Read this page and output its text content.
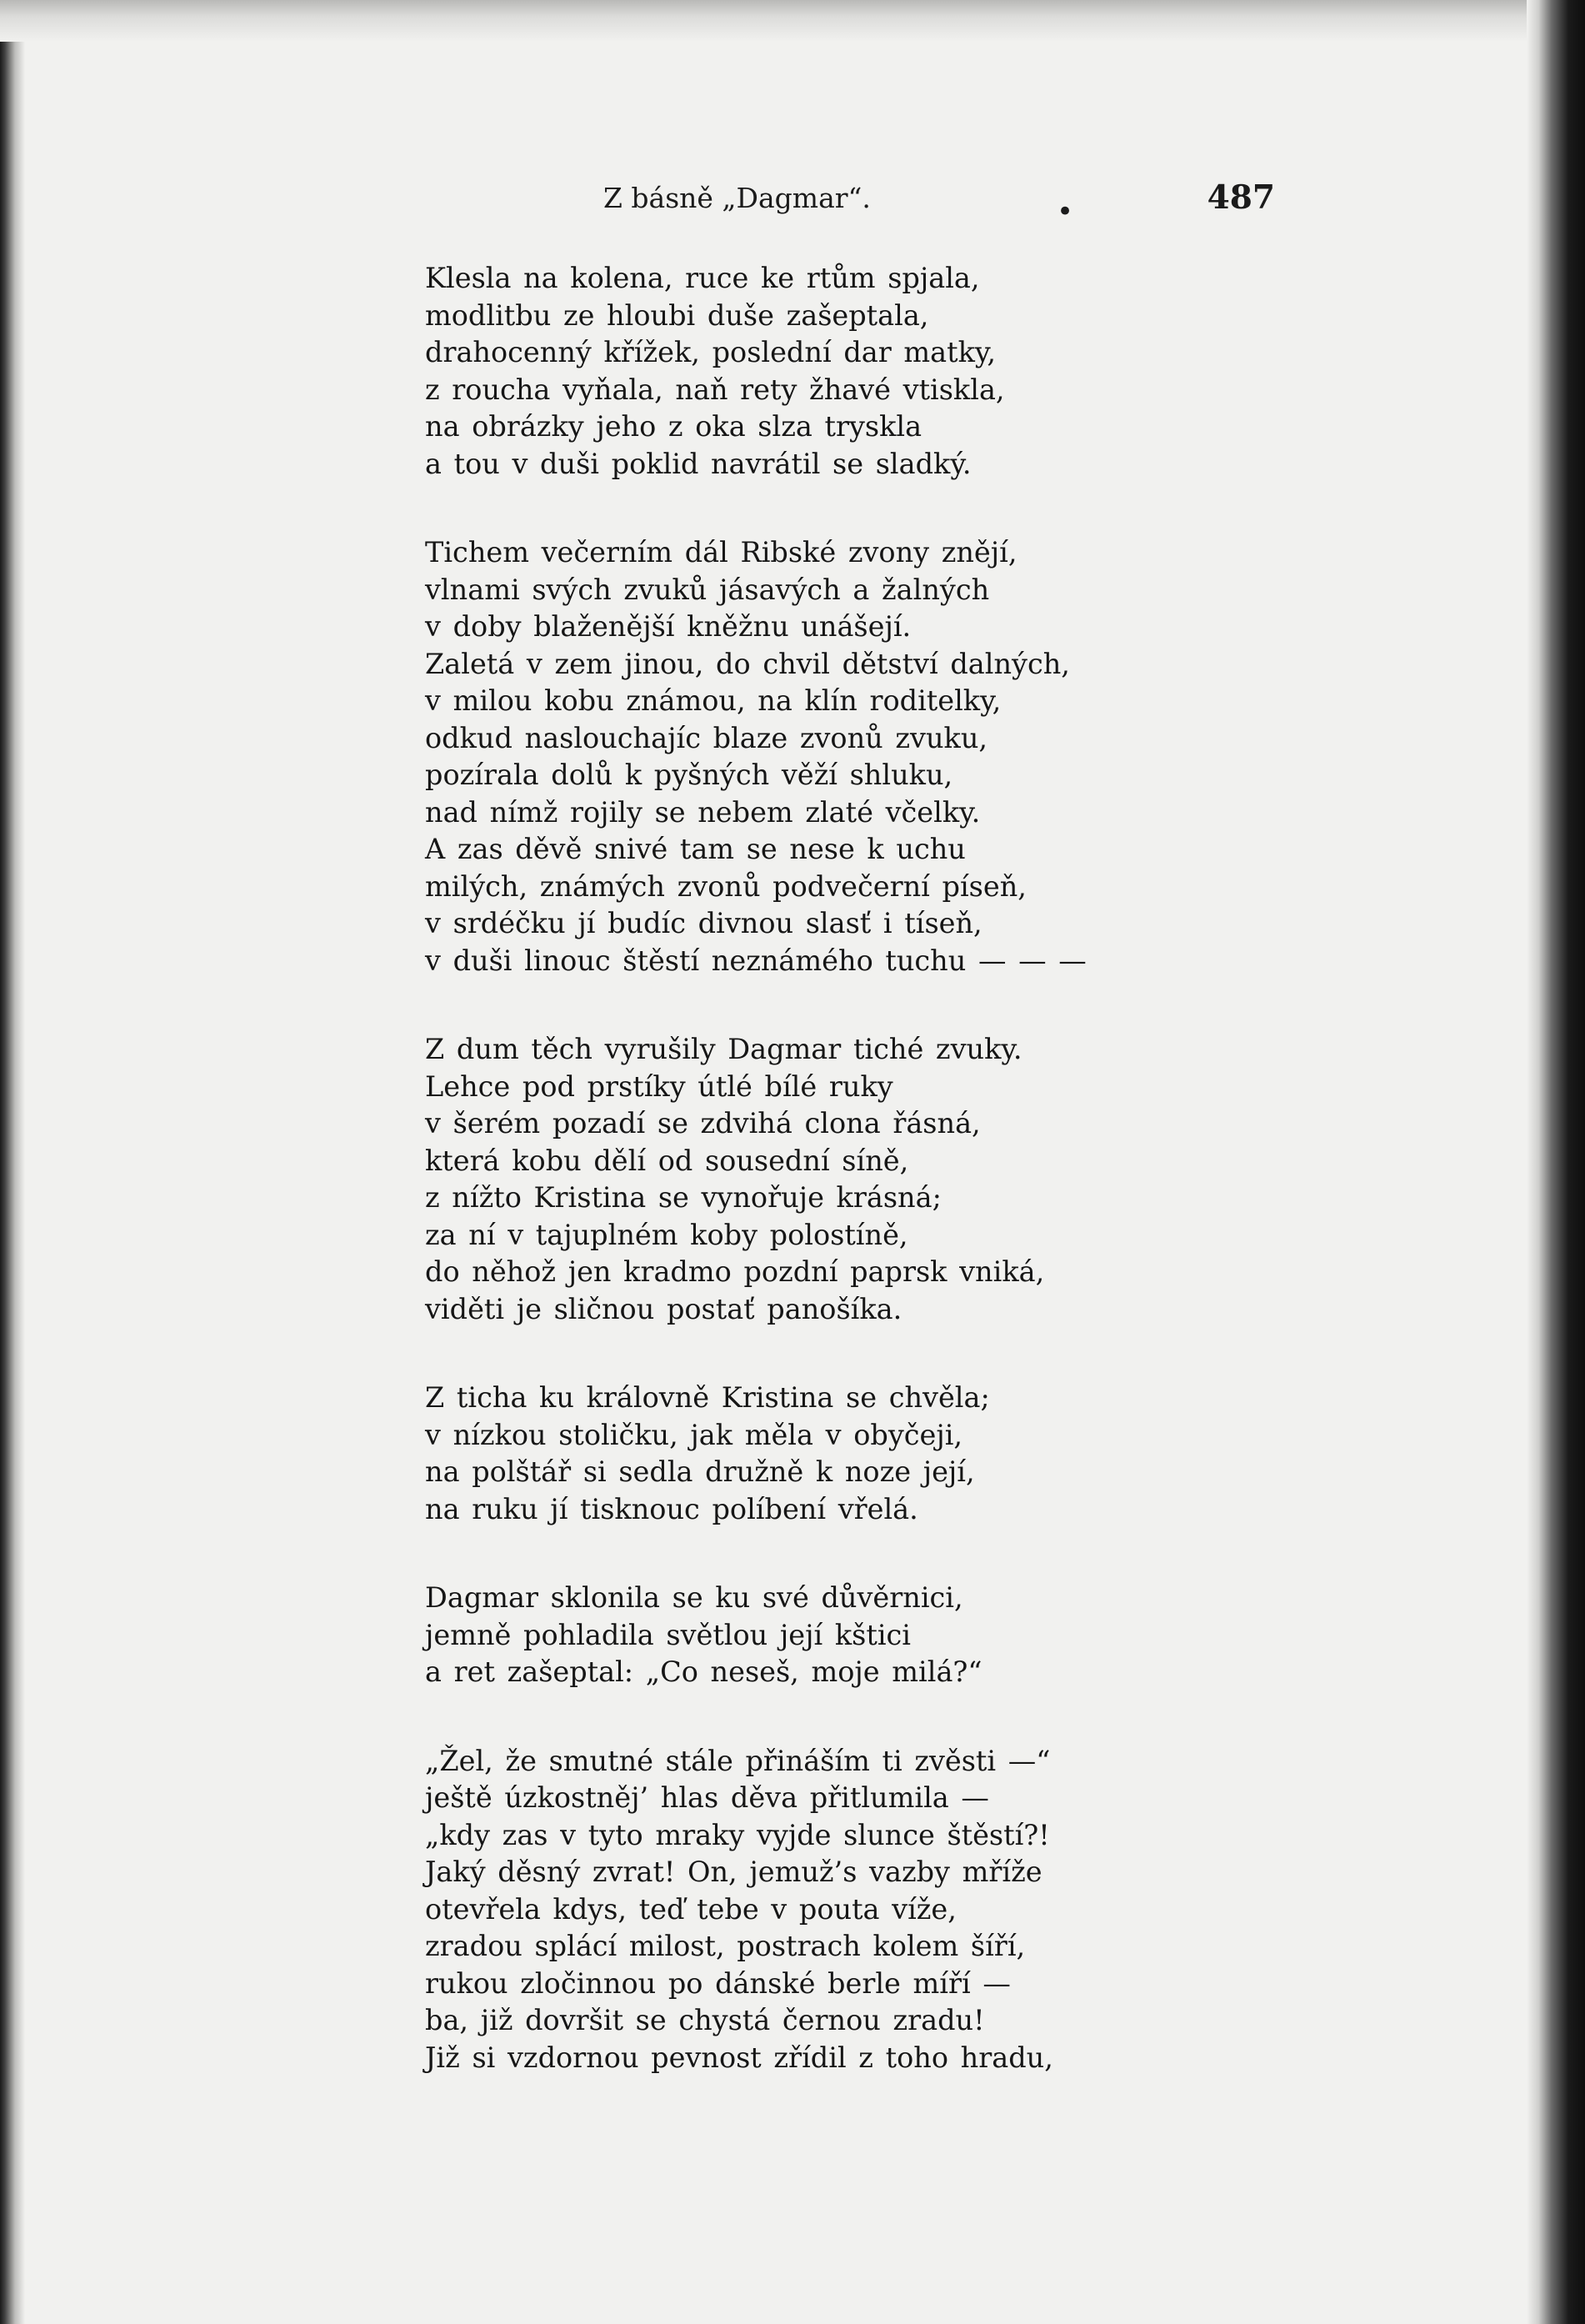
Z básně „Dagmar“.	•	487
Klesla na kolena, ruce ke rtům spjala,
modlitbu ze hloubi duše zašeptala,
drahocenný křížek, poslední dar matky,
z roucha vyňala, naň rety žhavé vtiskla,
na obrázky jeho z oka slza tryskla
a tou v duši poklid navrátil se sladký.
Tichem večerním dál Ribské zvony znějí,
vlnami svých zvuků jásavých a žalných
v doby blaženější kněžnu unášejí.
Zaletá v zem jinou, do chvil dětství dalných,
v milou kobu známou, na klín roditelky,
odkud naslouchajíc blaze zvonů zvuku,
pozírala dolů k pyšných věží shluku,
nad nímž rojily se nebem zlaté včelky.
A zas děvě snivé tam se nese k uchu
milých, známých zvonů podvečerní píseň,
v srdéčku jí budíc divnou slasť i tíseň,
v duši linouc štěstí neznámého tuchu — — —
Z dum těch vyrušily Dagmar tiché zvuky.
Lehce pod prstíky útlé bílé ruky
v šerém pozadí se zdvihá clona řásná,
která kobu dělí od sousední síně,
z nížto Kristina se vynořuje krásná;
za ní v tajuplném koby polostíně,
do něhož jen kradmo pozdní paprsk vniká,
viděti je sličnou postať panošíka.
Z ticha ku královně Kristina se chvěla;
v nízkou stoličku, jak měla v obyčeji,
na polštář si sedla družně k noze její,
na ruku jí tisknouc políbení vřelá.
Dagmar sklonila se ku své důvěrnici,
jemně pohladila světlou její kštici
a ret zašeptal: „Co neseš, moje milá?“
„Žel, že smutné stále přináším ti zvěsti —“
ještě úzkostněj’ hlas děva přitlumila —
„kdy zas v tyto mraky vyjde slunce štěstí?!
Jaký děsný zvrat! On, jemuž’s vazby mříže
otevřela kdys, teď tebe v pouta víže,
zradou splácí milost, postrach kolem šíří,
rukou zločinnou po dánské berle míří —
ba, již dovršit se chystá černou zradu!
Již si vzdornou pevnost zřídil z toho hradu,
